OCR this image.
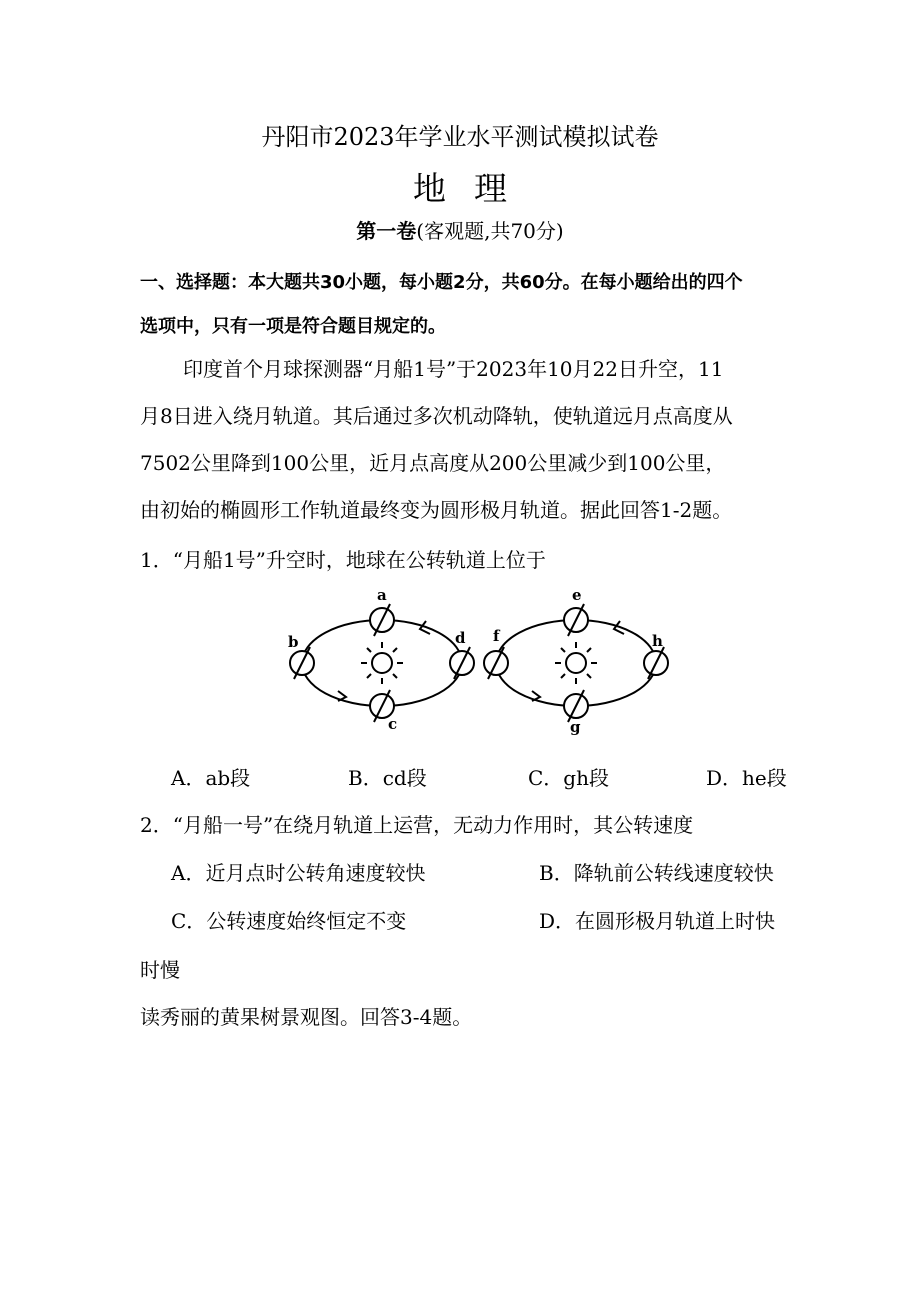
丹阳市2023年学业水平测试模拟试卷
地理
第一卷(客观题,共70分)
一、选择题：本大题共30小题，每小题2分，共60分。在每小题给出的四个
选项中，只有一项是符合题目规定的。
印度首个月球探测器“月船1号”于2023年10月22日升空，11
月8日进入绕月轨道。其后通过多次机动降轨，使轨道远月点高度从
7502公里降到100公里，近月点高度从200公里减少到100公里，
由初始的椭圆形工作轨道最终变为圆形极月轨道。据此回答1-2题。
1．“月船1号”升空时，地球在公转轨道上位于
a
b
c
d
e
f
g
h
A．ab段	B．cd段	C．gh段	D．he段
2．“月船一号”在绕月轨道上运营，无动力作用时，其公转速度
A．近月点时公转角速度较快	B．降轨前公转线速度较快
C．公转速度始终恒定不变	D．在圆形极月轨道上时快
时慢
读秀丽的黄果树景观图。回答3-4题。
